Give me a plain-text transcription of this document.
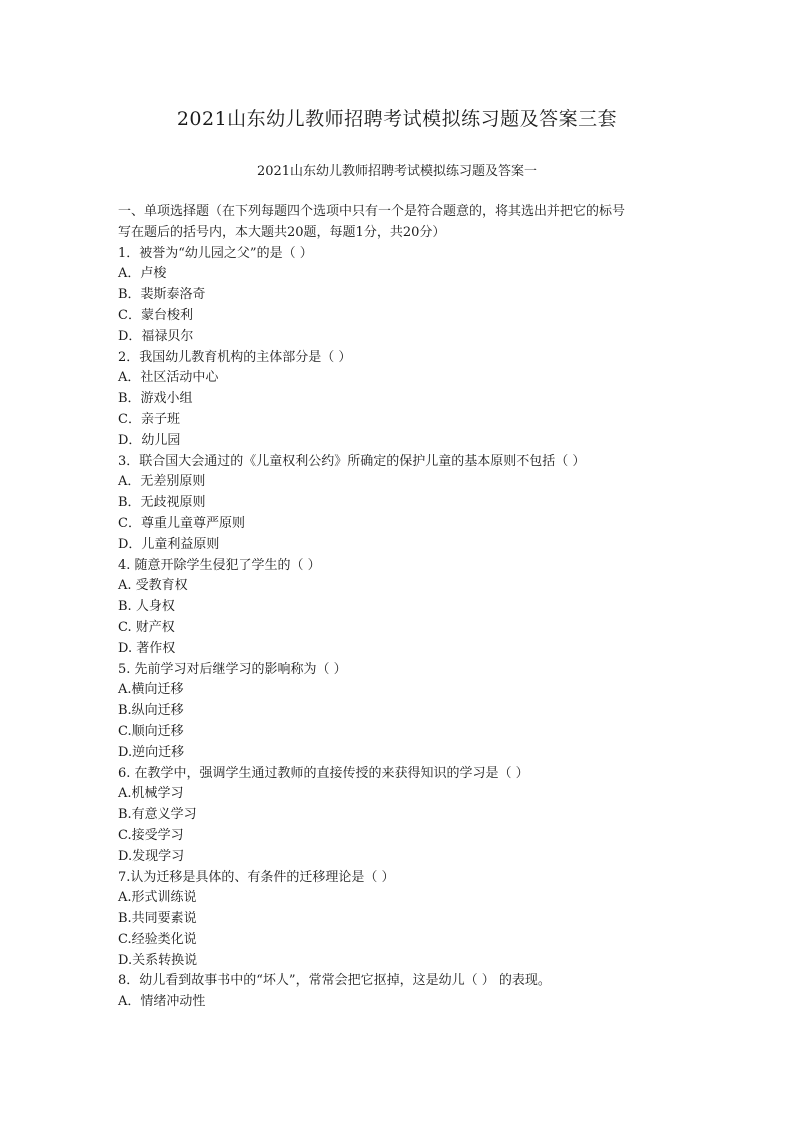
2021山东幼儿教师招聘考试模拟练习题及答案三套
2021山东幼儿教师招聘考试模拟练习题及答案一
一、单项选择题（在下列每题四个选项中只有一个是符合题意的，将其选出并把它的标号
写在题后的括号内，本大题共20题，每题1分，共20分）
1．被誉为“幼儿园之父”的是（ ）
A．卢梭
B．裴斯泰洛奇
C．蒙台梭利
D．福禄贝尔
2．我国幼儿教育机构的主体部分是（ ）
A．社区活动中心
B．游戏小组
C．亲子班
D．幼儿园
3．联合国大会通过的《儿童权利公约》所确定的保护儿童的基本原则不包括（ ）
A．无差别原则
B．无歧视原则
C．尊重儿童尊严原则
D．儿童利益原则
4. 随意开除学生侵犯了学生的（ ）
A. 受教育权
B. 人身权
C. 财产权
D. 著作权
5. 先前学习对后继学习的影响称为（ ）
A.横向迁移
B.纵向迁移
C.顺向迁移
D.逆向迁移
6. 在教学中，强调学生通过教师的直接传授的来获得知识的学习是（ ）
A.机械学习
B.有意义学习
C.接受学习
D.发现学习
7.认为迁移是具体的、有条件的迁移理论是（ ）
A.形式训练说
B.共同要素说
C.经验类化说
D.关系转换说
8．幼儿看到故事书中的“坏人”，常常会把它抠掉，这是幼儿（ ） 的表现。
A．情绪冲动性
